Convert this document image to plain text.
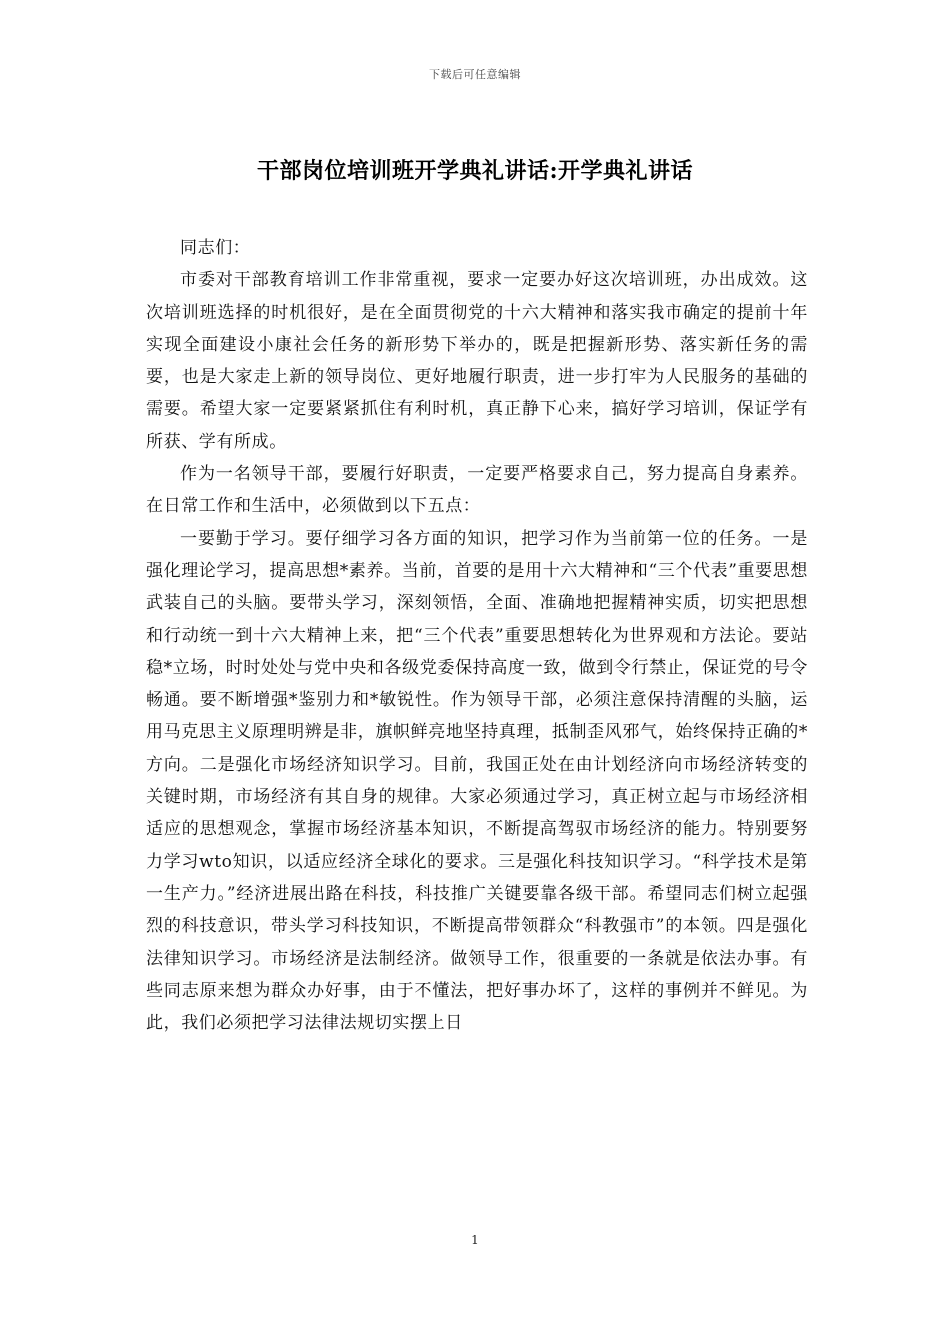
下载后可任意编辑
干部岗位培训班开学典礼讲话:开学典礼讲话

同志们：

市委对干部教育培训工作非常重视，要求一定要办好这次培训班，办出成效。这次培训班选择的时机很好，是在全面贯彻党的十六大精神和落实我市确定的提前十年实现全面建设小康社会任务的新形势下举办的，既是把握新形势、落实新任务的需要，也是大家走上新的领导岗位、更好地履行职责，进一步打牢为人民服务的基础的需要。希望大家一定要紧紧抓住有利时机，真正静下心来，搞好学习培训，保证学有所获、学有所成。

作为一名领导干部，要履行好职责，一定要严格要求自己，努力提高自身素养。在日常工作和生活中，必须做到以下五点：

一要勤于学习。要仔细学习各方面的知识，把学习作为当前第一位的任务。一是强化理论学习，提高思想*素养。当前，首要的是用十六大精神和“三个代表”重要思想武装自己的头脑。要带头学习，深刻领悟，全面、准确地把握精神实质，切实把思想和行动统一到十六大精神上来，把“三个代表”重要思想转化为世界观和方法论。要站稳*立场，时时处处与党中央和各级党委保持高度一致，做到令行禁止，保证党的号令畅通。要不断增强*鉴别力和*敏锐性。作为领导干部，必须注意保持清醒的头脑，运用马克思主义原理明辨是非，旗帜鲜亮地坚持真理，抵制歪风邪气，始终保持正确的*方向。二是强化市场经济知识学习。目前，我国正处在由计划经济向市场经济转变的关键时期，市场经济有其自身的规律。大家必须通过学习，真正树立起与市场经济相适应的思想观念，掌握市场经济基本知识，不断提高驾驭市场经济的能力。特别要努力学习wto知识，以适应经济全球化的要求。三是强化科技知识学习。“科学技术是第一生产力。”经济进展出路在科技，科技推广关键要靠各级干部。希望同志们树立起强烈的科技意识，带头学习科技知识，不断提高带领群众“科教强市”的本领。四是强化法律知识学习。市场经济是法制经济。做领导工作，很重要的一条就是依法办事。有些同志原来想为群众办好事，由于不懂法，把好事办坏了，这样的事例并不鲜见。为此，我们必须把学习法律法规切实摆上日

1
